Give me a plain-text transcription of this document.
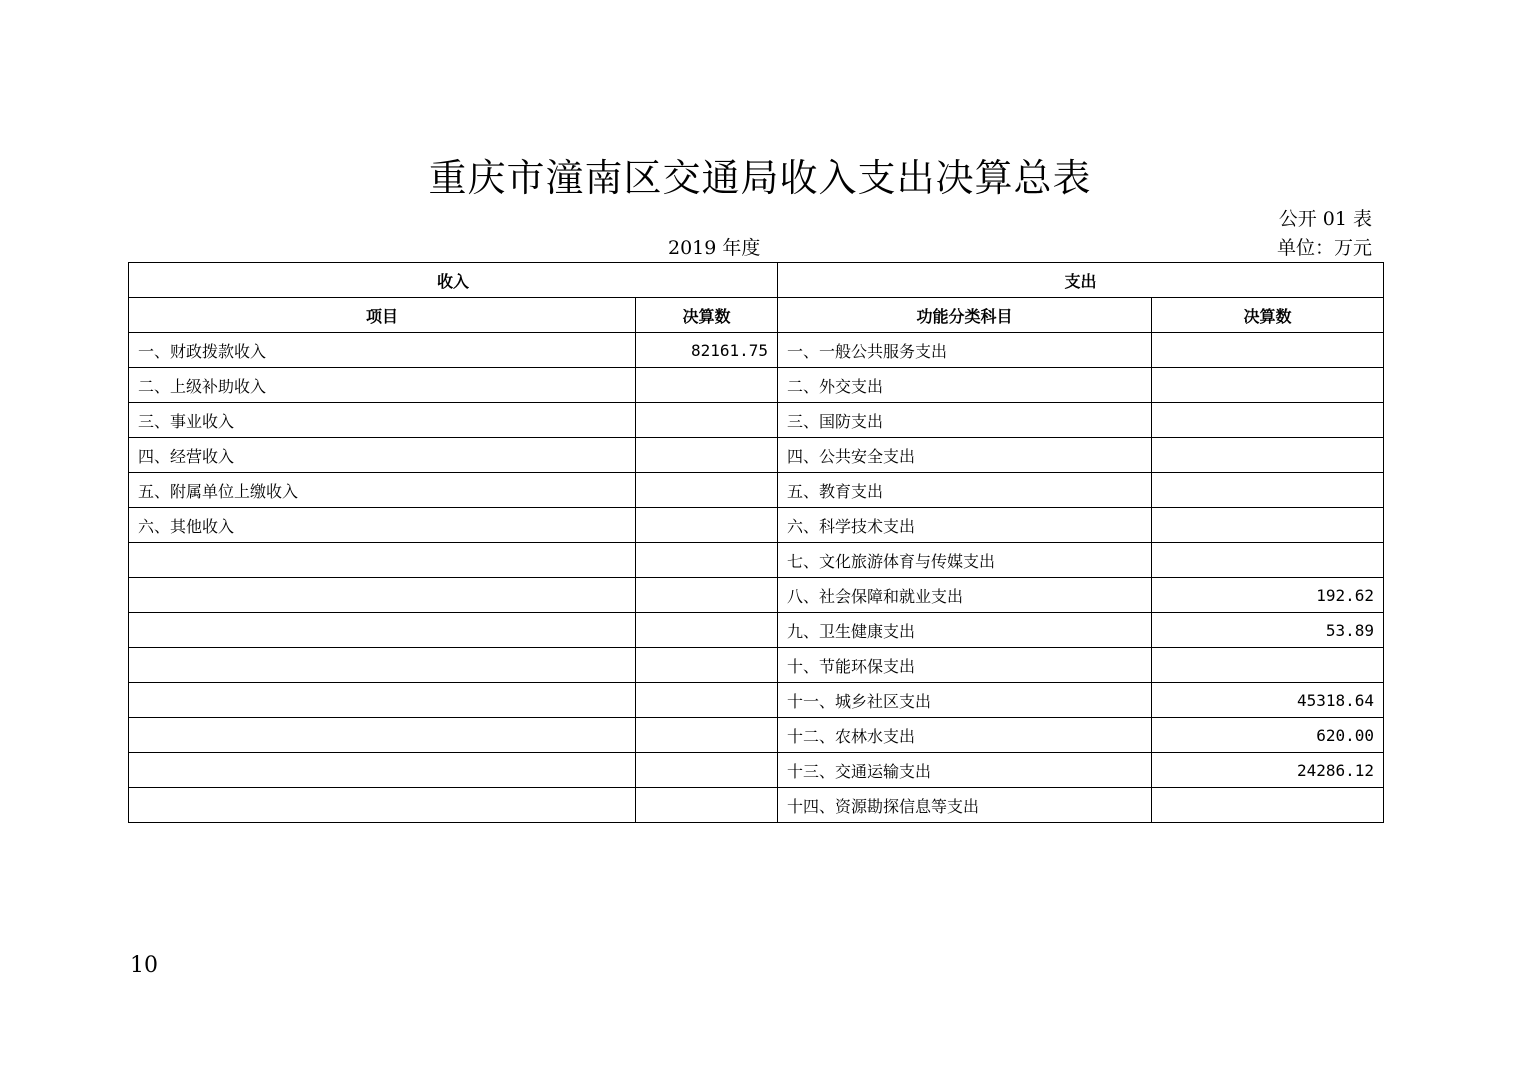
重庆市潼南区交通局收入支出决算总表
公开 01 表
2019 年度	单位：万元
收入		支出	
项目	决算数	功能分类科目	决算数
一、财政拨款收入	82161.75	一、一般公共服务支出	
二、上级补助收入		二、外交支出	
三、事业收入		三、国防支出	
四、经营收入		四、公共安全支出	
五、附属单位上缴收入		五、教育支出	
六、其他收入		六、科学技术支出	
		七、文化旅游体育与传媒支出	
		八、社会保障和就业支出	192.62
		九、卫生健康支出	53.89
		十、节能环保支出	
		十一、城乡社区支出	45318.64
		十二、农林水支出	620.00
		十三、交通运输支出	24286.12
		十四、资源勘探信息等支出	
10
